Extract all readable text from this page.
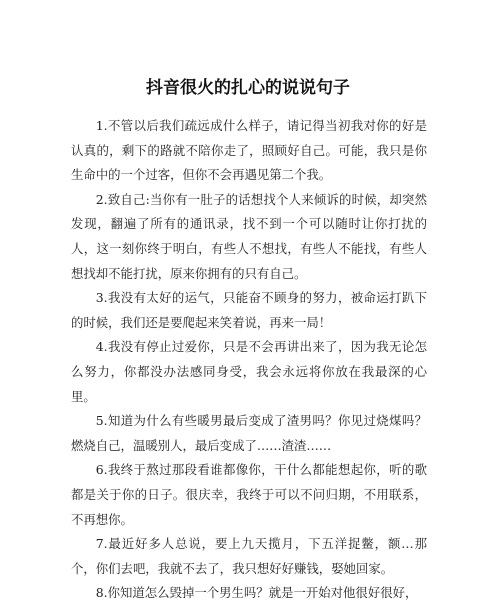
抖音很火的扎心的说说句子

1.不管以后我们疏远成什么样子，请记得当初我对你的好是认真的，剩下的路就不陪你走了，照顾好自己。可能，我只是你生命中的一个过客，但你不会再遇见第二个我。

2.致自己:当你有一肚子的话想找个人来倾诉的时候，却突然发现，翻遍了所有的通讯录，找不到一个可以随时让你打扰的人，这一刻你终于明白，有些人不想找，有些人不能找，有些人想找却不能打扰，原来你拥有的只有自己。

3.我没有太好的运气，只能奋不顾身的努力，被命运打趴下的时候，我们还是要爬起来笑着说，再来一局！

4.我没有停止过爱你，只是不会再讲出来了，因为我无论怎么努力，你都没办法感同身受，我会永远将你放在我最深的心里。

5.知道为什么有些暖男最后变成了渣男吗？你见过烧煤吗？燃烧自己，温暖别人，最后变成了……渣渣……

6.我终于熬过那段看谁都像你，干什么都能想起你，听的歌都是关于你的日子。很庆幸，我终于可以不问归期，不用联系，不再想你。

7.最近好多人总说，要上九天揽月，下五洋捉鳖，额…那个，你们去吧，我就不去了，我只想好好赚钱，娶她回家。

8.你知道怎么毁掉一个男生吗？就是一开始对他很好很好，
